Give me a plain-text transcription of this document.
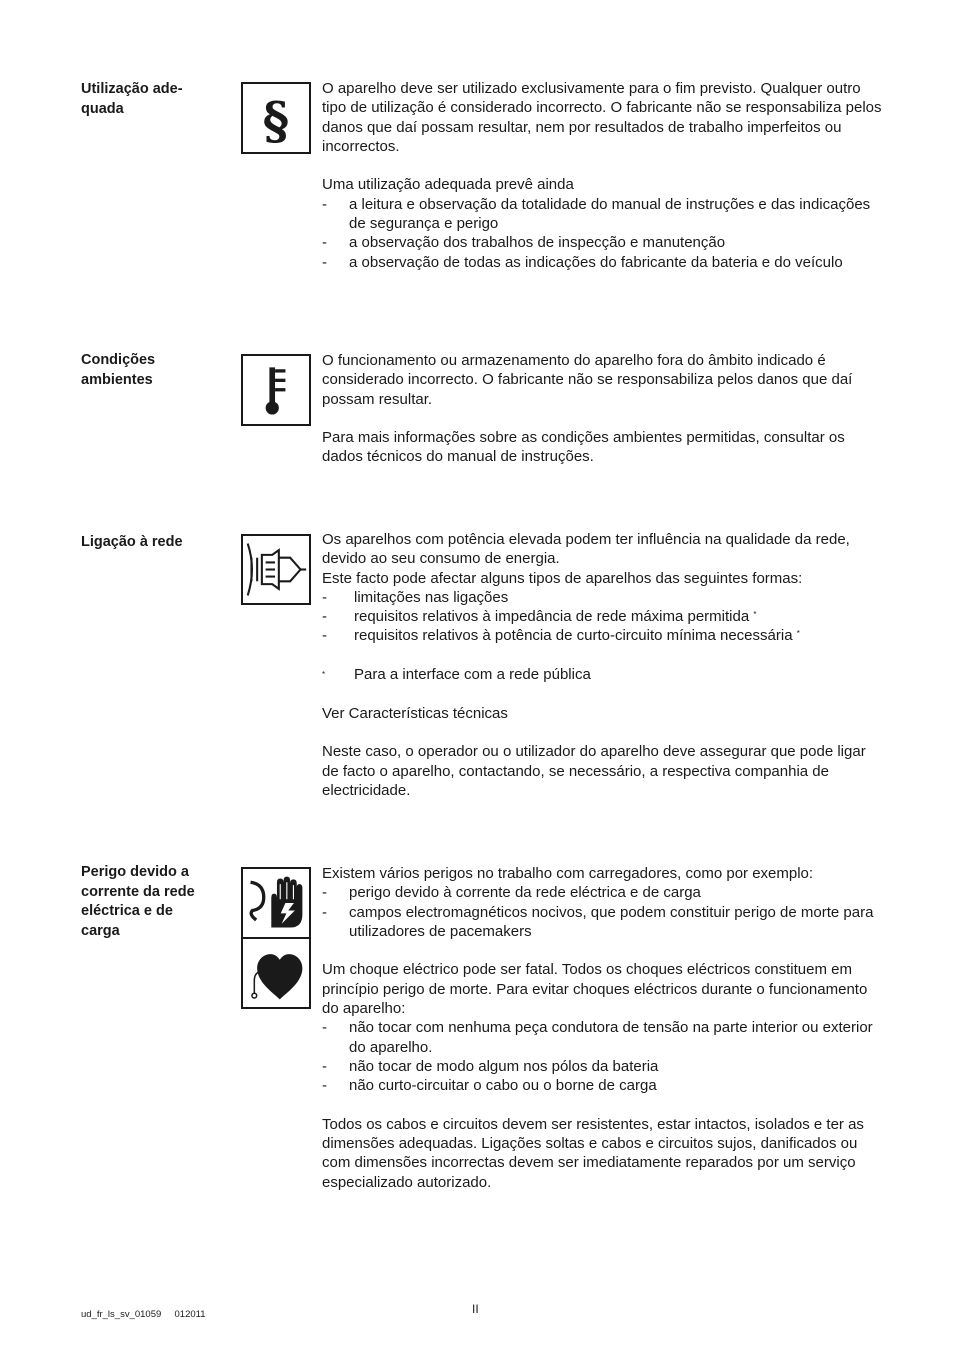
Utilização ade-
quada	§

O aparelho deve ser utilizado exclusivamente para o fim previsto. Qualquer outro tipo de utilização é considerado incorrecto. O fabricante não se responsabiliza pelos danos que daí possam resultar, nem por resultados de trabalho imperfeitos ou incorrectos.

Uma utilização adequada prevê ainda

- a leitura e observação da totalidade do manual de instruções e das indicações de segurança e perigo
- a observação dos trabalhos de inspecção e manutenção
- a observação de todas as indicações do fabricante da bateria e do veículo
Condições
ambientes

O funcionamento ou armazenamento do aparelho fora do âmbito indicado é considerado incorrecto. O fabricante não se responsabiliza pelos danos que daí possam resultar.

Para mais informações sobre as condições ambientes permitidas, consultar os dados técnicos do manual de instruções.

Ligação à rede	Os aparelhos com potência elevada podem ter influência na qualidade da rede, devido ao seu consumo de energia.

Este facto pode afectar alguns tipos de aparelhos das seguintes formas:

- limitações nas ligações
- requisitos relativos à impedância de rede máxima permitida *
- requisitos relativos à potência de curto-circuito mínima necessária *
* Para a interface com a rede pública

Ver Características técnicas

Neste caso, o operador ou o utilizador do aparelho deve assegurar que pode ligar de facto o aparelho, contactando, se necessário, a respectiva companhia de electricidade.

Perigo devido a
corrente da rede
eléctrica e de
carga

Existem vários perigos no trabalho com carregadores, como por exemplo:

- perigo devido à corrente da rede eléctrica e de carga
- campos electromagnéticos nocivos, que podem constituir perigo de morte para utilizadores de pacemakers

Um choque eléctrico pode ser fatal. Todos os choques eléctricos constituem em princípio perigo de morte. Para evitar choques eléctricos durante o funcionamento do aparelho:

- não tocar com nenhuma peça condutora de tensão na parte interior ou exterior do aparelho.
- não tocar de modo algum nos pólos da bateria
- não curto-circuitar o cabo ou o borne de carga

Todos os cabos e circuitos devem ser resistentes, estar intactos, isolados e ter as dimensões adequadas. Ligações soltas e cabos e circuitos sujos, danificados ou com dimensões incorrectas devem ser imediatamente reparados por um serviço especializado autorizado.

ud_fr_ls_sv_01059 012011	II
